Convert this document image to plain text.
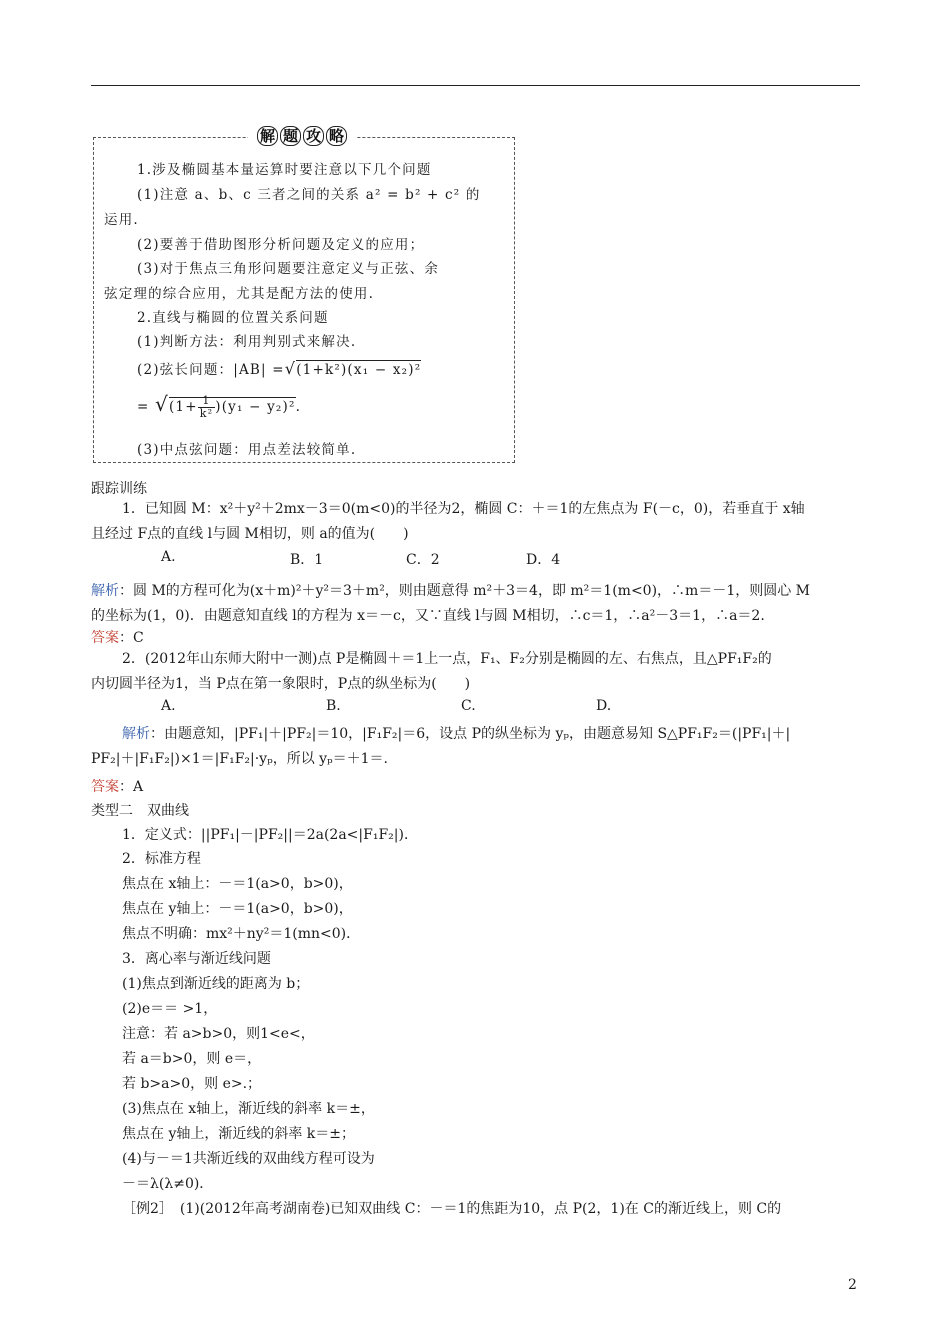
解 题 攻 略
1.涉及椭圆基本量运算时要注意以下几个问题
(1)注意 a、b、c 三者之间的关系 a² = b² + c² 的
运用.
(2)要善于借助图形分析问题及定义的应用；
(3)对于焦点三角形问题要注意定义与正弦、余
弦定理的综合应用，尤其是配方法的使用.
2.直线与椭圆的位置关系问题
(1)判断方法：利用判别式来解决.
(2)弦长问题：|AB| =√(1+k²)(x₁ − x₂)²
= $√(1+ \frac{1}{\text{k²}} )(y_1 - y_2)^2$.
(3)中点弦问题：用点差法较简单.
跟踪训练
1．已知圆 M：x²＋y²＋2mx－3＝0(m<0)的半径为2，椭圆 C：＋＝1的左焦点为 F(－c，0)，若垂直于 x轴
且经过 F点的直线 l与圆 M相切，则 a的值为(　　)
A.	B．1	C．2	D．4
解析：圆 M的方程可化为(x＋m)²＋y²＝3＋m²，则由题意得 m²＋3＝4，即 m²＝1(m<0)，∴m＝－1，则圆心 M
的坐标为(1，0)．由题意知直线 l的方程为 x＝－c，又∵直线 l与圆 M相切，∴c＝1，∴a²－3＝1，∴a＝2.
答案：C
2．(2012年山东师大附中一测)点 P是椭圆＋＝1上一点，F₁、F₂分别是椭圆的左、右焦点，且△PF₁F₂的
内切圆半径为1，当 P点在第一象限时，P点的纵坐标为(　　)
A.	B.	C.	D.
解析：由题意知，|PF₁|＋|PF₂|＝10，|F₁F₂|＝6，设点 P的纵坐标为 yₚ，由题意易知 S△PF₁F₂＝(|PF₁|＋|
PF₂|＋|F₁F₂|)×1＝|F₁F₂|·yₚ，所以 yₚ＝＋1＝.
答案：A
类型二　双曲线
1．定义式：||PF₁|－|PF₂||＝2a(2a<|F₁F₂|)．
2．标准方程
焦点在 x轴上：－＝1(a>0，b>0)，
焦点在 y轴上：－＝1(a>0，b>0)，
焦点不明确：mx²＋ny²＝1(mn<0)．
3．离心率与渐近线问题
(1)焦点到渐近线的距离为 b；
(2)e＝＝ >1，
注意：若 a>b>0，则1<e<，
若 a＝b>0，则 e＝，
若 b>a>0，则 e>.；
(3)焦点在 x轴上，渐近线的斜率 k＝±，
焦点在 y轴上，渐近线的斜率 k＝±；
(4)与－＝1共渐近线的双曲线方程可设为
－＝λ(λ≠0)．
［例2］　(1)(2012年高考湖南卷)已知双曲线 C：－＝1的焦距为10，点 P(2，1)在 C的渐近线上，则 C的
2
